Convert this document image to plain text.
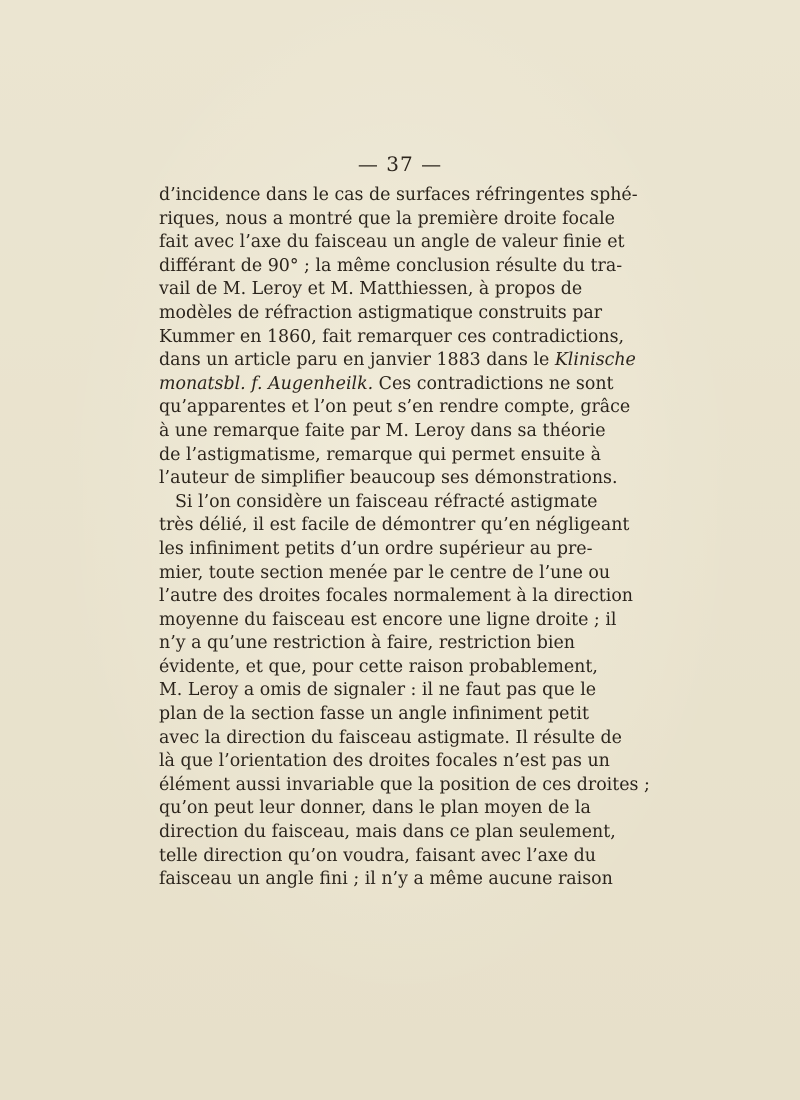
— 37 —
d’incidence dans le cas de surfaces réfringentes sphé-
riques, nous a montré que la première droite focale
fait avec l’axe du faisceau un angle de valeur finie et
différant de 90° ; la même conclusion résulte du tra-
vail de M. Leroy et M. Matthiessen, à propos de
modèles de réfraction astigmatique construits par
Kummer en 1860, fait remarquer ces contradictions,
dans un article paru en janvier 1883 dans le Klinische
monatsbl. f. Augenheilk. Ces contradictions ne sont
qu’apparentes et l’on peut s’en rendre compte, grâce
à une remarque faite par M. Leroy dans sa théorie
de l’astigmatisme, remarque qui permet ensuite à
l’auteur de simplifier beaucoup ses démonstrations.
Si l’on considère un faisceau réfracté astigmate
très délié, il est facile de démontrer qu’en négligeant
les infiniment petits d’un ordre supérieur au pre-
mier, toute section menée par le centre de l’une ou
l’autre des droites focales normalement à la direction
moyenne du faisceau est encore une ligne droite ; il
n’y a qu’une restriction à faire, restriction bien
évidente, et que, pour cette raison probablement,
M. Leroy a omis de signaler : il ne faut pas que le
plan de la section fasse un angle infiniment petit
avec la direction du faisceau astigmate. Il résulte de
là que l’orientation des droites focales n’est pas un
élément aussi invariable que la position de ces droites ;
qu’on peut leur donner, dans le plan moyen de la
direction du faisceau, mais dans ce plan seulement,
telle direction qu’on voudra, faisant avec l’axe du
faisceau un angle fini ; il n’y a même aucune raison
